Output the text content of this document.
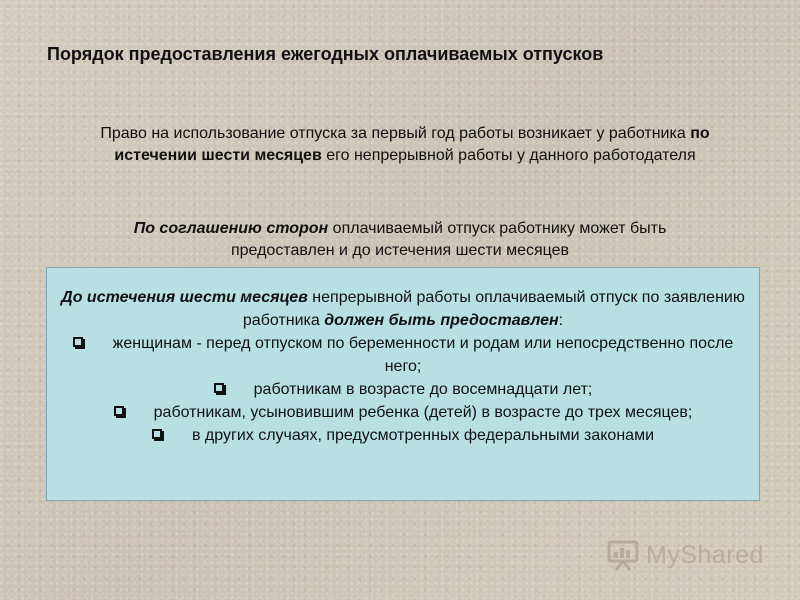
Порядок предоставления ежегодных оплачиваемых отпусков
Право на использование отпуска за первый год работы возникает у работника по истечении шести месяцев его непрерывной работы у данного работодателя
По соглашению сторон оплачиваемый отпуск работнику может быть предоставлен и до истечения шести месяцев

До истечения шести месяцев непрерывной работы оплачиваемый отпуск по заявлению работника должен быть предоставлен:

женщинам - перед отпуском по беременности и родам или непосредственно после него;
работникам в возрасте до восемнадцати лет;
работникам, усыновившим ребенка (детей) в возрасте до трех месяцев;
в других случаях, предусмотренных федеральными законами
MyShared
